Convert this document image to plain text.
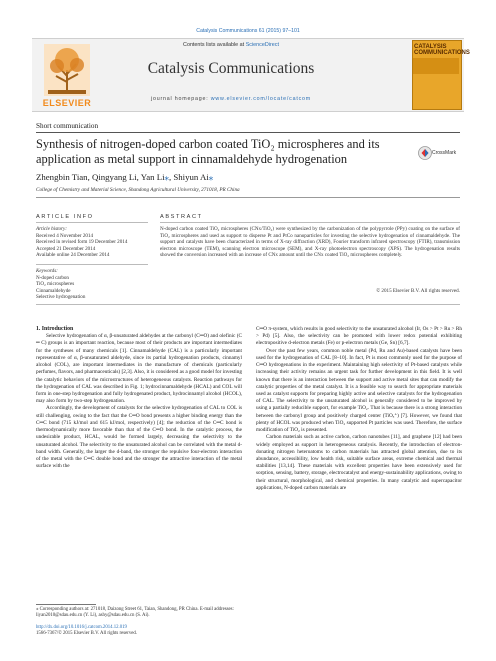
Catalysis Communications 61 (2015) 97–101
ELSEVIER
Contents lists available at ScienceDirect
Catalysis Communications
journal homepage: www.elsevier.com/locate/catcom
CATALYSIS COMMUNICATIONS
Short communication
Synthesis of nitrogen-doped carbon coated TiO₂ microspheres and its application as metal support in cinnamaldehyde hydrogenation	CrossMark
Zhengbin Tian, Qingyang Li, Yan Li⁎, Shiyun Ai⁎
College of Chemistry and Material Science, Shandong Agricultural University, 271018, PR China
ARTICLE INFO	ABSTRACT
Article history:
Received 4 November 2014
Received in revised form 19 December 2014
Accepted 21 December 2014
Available online 24 December 2014
Keywords:
N-doped carbon
TiO₂ microspheres
Cinnamaldehyde
Selective hydrogenation
N-doped carbon coated TiO₂ microspheres (CNx/TiO₂) were synthesized by the carbonization of the polypyrrole (PPy) coating on the surface of TiO₂ microspheres and used as support to disperse Pt and PtCo nanoparticles for investing the selective hydrogenation of cinnamaldehyde. The support and catalysts have been characterized in terms of X-ray diffraction (XRD), Fourier transform infrared spectroscopy (FTIR), transmission electron microscope (TEM), scanning electron microscope (SEM), and X-ray photoelectron spectroscopy (XPS). The hydrogenation results showed the conversion increased with an increase of CNx amount until the CNx coated TiO₂ microspheres completely.
© 2015 Elsevier B.V. All rights reserved.

1. Introduction

Selective hydrogenation of α, β-unsaturated aldehydes at the carbonyl (C═O) and olefinic (C ═ C) groups is an important reaction, because most of their products are important intermediates for the syntheses of many chemicals [1]. Cinnamaldehyde (CAL) is a particularly important representative of α, β-unsaturated aldehyde, since its partial hydrogenation products, cinnamyl alcohol (COL), are important intermediates in the manufacture of chemicals (particularly perfumes, flavors, and pharmaceuticals) [2,3]. Also, it is considered as a good model for investing the catalytic behaviors of the microstructures of heterogeneous catalysts. Reaction pathways for the hydrogenation of CAL was described in Fig. 1; hydrocinnamaldehyde (HCAL) and COL will form in one-step hydrogenation and fully hydrogenated product, hydrocinnamyl alcohol (HCOL), may also form by two-step hydrogenation.

Accordingly, the development of catalysts for the selective hydrogenation of CAL to COL is still challenging, owing to the fact that the C═O bond presents a higher binding energy than the C═C bond (715 kJ/mol and 615 kJ/mol, respectively) [4]; the reduction of the C═C bond is thermodynamically more favorable than that of the C═O bond. In the catalytic process, the undesirable product, HCAL, would be formed largely, decreasing the selectivity to the unsaturated alcohol. The selectivity to the unsaturated alcohol can be correlated with the metal d-band width. Generally, the larger the d-band, the stronger the repulsive four-electron interaction of the metal with the C═C double bond and the stronger the attractive interaction of the metal surface with the

C═O π-system, which results in good selectivity to the unsaturated alcohol (Ir, Os > Pt > Ru > Rh > Pd) [5]. Also, the selectivity can be promoted with lower redox potential exhibiting electropositive d-electron metals (Fe) or p-electron metals (Ge, Sn) [6,7].

Over the past few years, common noble metal (Pd, Ru and Au)-based catalysts have been used for the hydrogenation of CAL [8–10]. In fact, Pt is most commonly used for the purpose of C═O hydrogenations in the experiment. Maintaining high selectivity of Pt-based catalysts while increasing their activity remains an urgent task for further development in this field. It is well known that there is an interaction between the support and active metal sites that can modify the catalytic properties of the metal catalyst. It is a feasible way to search for appropriate materials used as catalyst supports for preparing highly active and selective catalysts for the hydrogenation of CAL. The selectivity to the unsaturated alcohol is generally considered to be improved by using a partially reducible support, for example TiO₂. That is because there is a strong interaction between the carbonyl group and positively charged center (TiOₓ⁺) [7]. However, we found that plenty of HCOL was produced when TiO₂ supported Pt particles was used. Therefore, the surface modification of TiO₂ is presented.

Carbon materials such as active carbon, carbon nanotubes [11], and graphene [12] had been widely employed as support in heterogeneous catalysis. Recently, the introduction of electron-donating nitrogen heteroatoms to carbon materials has attracted global attention, due to its abundance, accessibility, low health risk, suitable surface areas, extreme chemical and thermal stabilities [13,14]. These materials with excellent properties have been extensively used for sorption, sensing, battery, storage, electrocatalyst and energy-sustainability applications, owing to their structural, morphological, and chemical properties. In many catalytic and supercapacitor applications, N-doped carbon materials are

⁎ Corresponding authors at: 271018, Daizong Street 61, Taian, Shandong, PR China. E-mail addresses: liyan2010@sdau.edu.cn (Y. Li), ashy@sdau.edu.cn (S. Ai).
http://dx.doi.org/10.1016/j.catcom.2014.12.019
1566-7367/© 2015 Elsevier B.V. All rights reserved.
